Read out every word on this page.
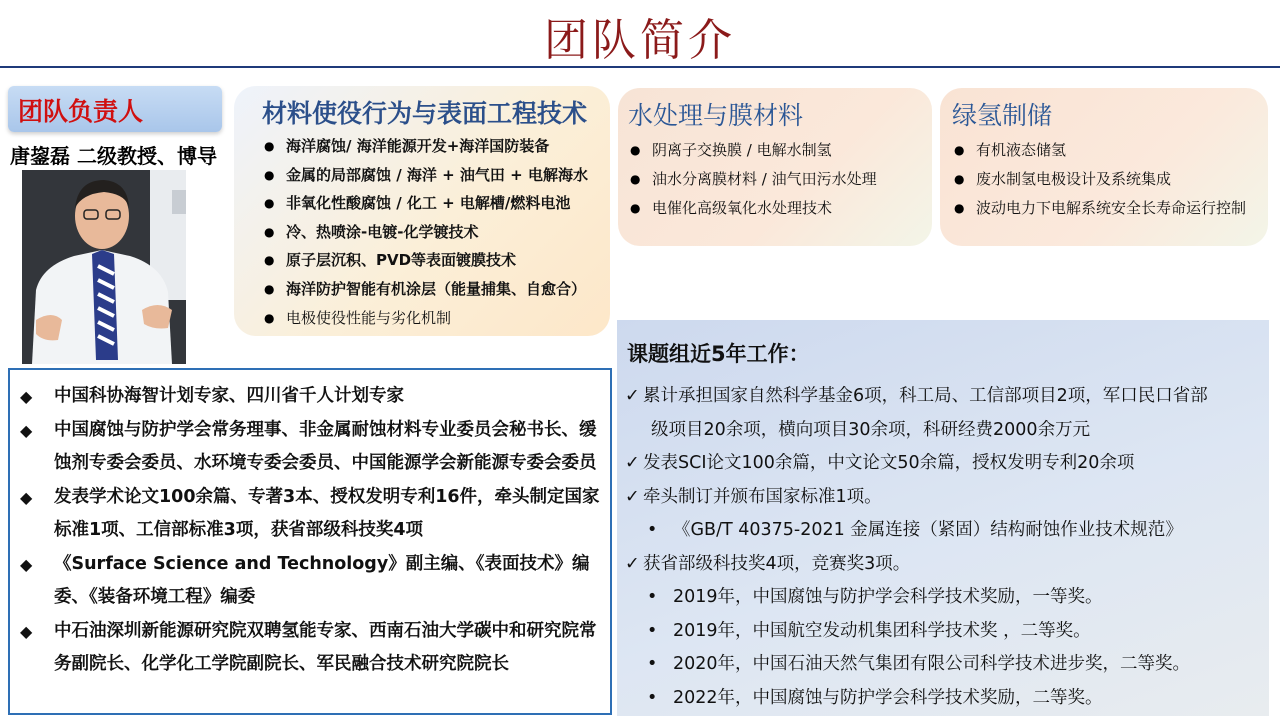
团队简介
团队负责人
唐鋆磊 二级教授、博导
材料使役行为与表面工程技术
● 海洋腐蚀/ 海洋能源开发+海洋国防装备
● 金属的局部腐蚀 / 海洋 + 油气田 + 电解海水
● 非氧化性酸腐蚀 / 化工 + 电解槽/燃料电池
● 冷、热喷涂-电镀-化学镀技术
● 原子层沉积、PVD等表面镀膜技术
● 海洋防护智能有机涂层（能量捕集、自愈合）
● 电极使役性能与劣化机制
水处理与膜材料
● 阴离子交换膜 / 电解水制氢
● 油水分离膜材料 / 油气田污水处理
● 电催化高级氧化水处理技术
绿氢制储
● 有机液态储氢
● 废水制氢电极设计及系统集成
● 波动电力下电解系统安全长寿命运行控制
◆ 中国科协海智计划专家、四川省千人计划专家
◆ 中国腐蚀与防护学会常务理事、非金属耐蚀材料专业委员会秘书长、缓蚀剂专委会委员、水环境专委会委员、中国能源学会新能源专委会委员
◆ 发表学术论文100余篇、专著3本、授权发明专利16件，牵头制定国家标准1项、工信部标准3项，获省部级科技奖4项
◆ 《Surface Science and Technology》副主编、《表面技术》编委、《装备环境工程》编委
◆ 中石油深圳新能源研究院双聘氢能专家、西南石油大学碳中和研究院常务副院长、化学化工学院副院长、军民融合技术研究院院长
课题组近5年工作：
✓ 累计承担国家自然科学基金6项，科工局、工信部项目2项，军口民口省部
级项目20余项，横向项目30余项，科研经费2000余万元
✓ 发表SCI论文100余篇，中文论文50余篇，授权发明专利20余项
✓ 牵头制订并颁布国家标准1项。
• 《GB/T 40375-2021 金属连接（紧固）结构耐蚀作业技术规范》
✓ 获省部级科技奖4项，竞赛奖3项。
• 2019年，中国腐蚀与防护学会科学技术奖励，一等奖。
• 2019年，中国航空发动机集团科学技术奖 ，二等奖。
• 2020年，中国石油天然气集团有限公司科学技术进步奖，二等奖。
• 2022年，中国腐蚀与防护学会科学技术奖励，二等奖。
